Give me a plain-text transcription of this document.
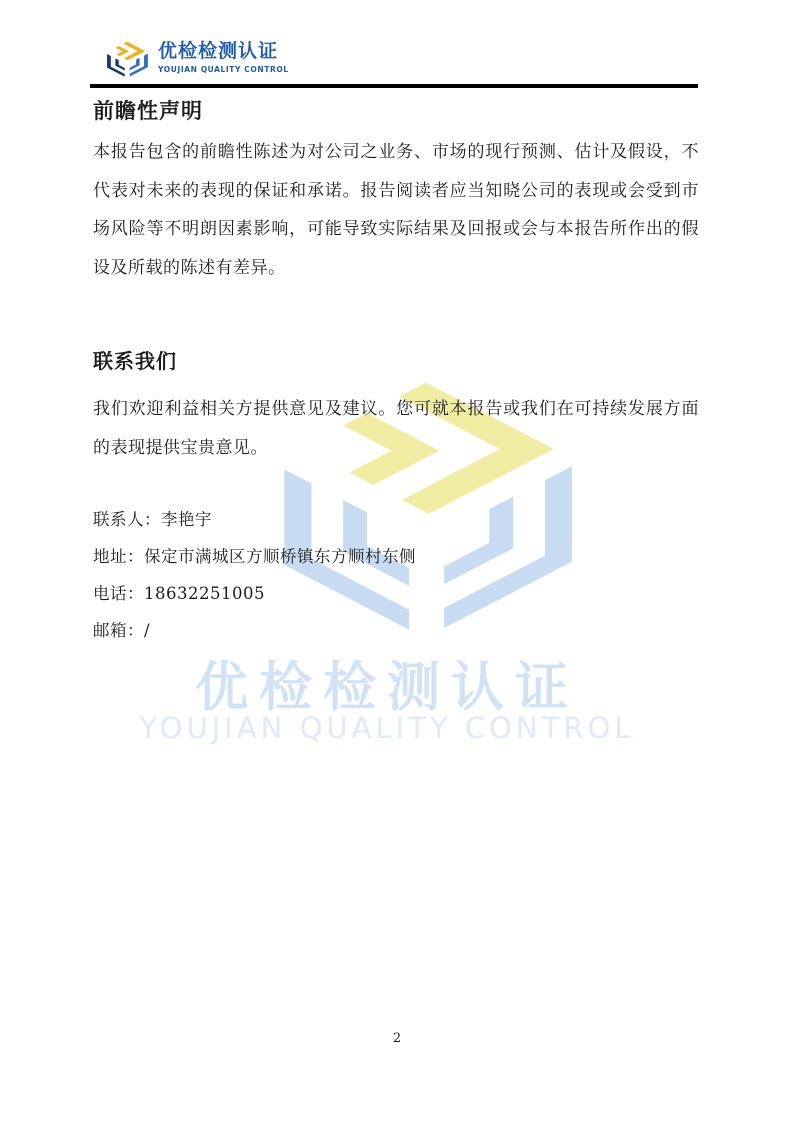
优检检测认证
YOUJIAN QUALITY CONTROL
优检检测认证
YOUJIAN QUALITY CONTROL
前瞻性声明

本报告包含的前瞻性陈述为对公司之业务、市场的现行预测、估计及假设，不代表对未来的表现的保证和承诺。报告阅读者应当知晓公司的表现或会受到市场风险等不明朗因素影响，可能导致实际结果及回报或会与本报告所作出的假设及所载的陈述有差异。

联系我们

我们欢迎利益相关方提供意见及建议。您可就本报告或我们在可持续发展方面的表现提供宝贵意见。

联系人：李艳宇
地址：保定市满城区方顺桥镇东方顺村东侧
电话：18632251005
邮箱：/
2
